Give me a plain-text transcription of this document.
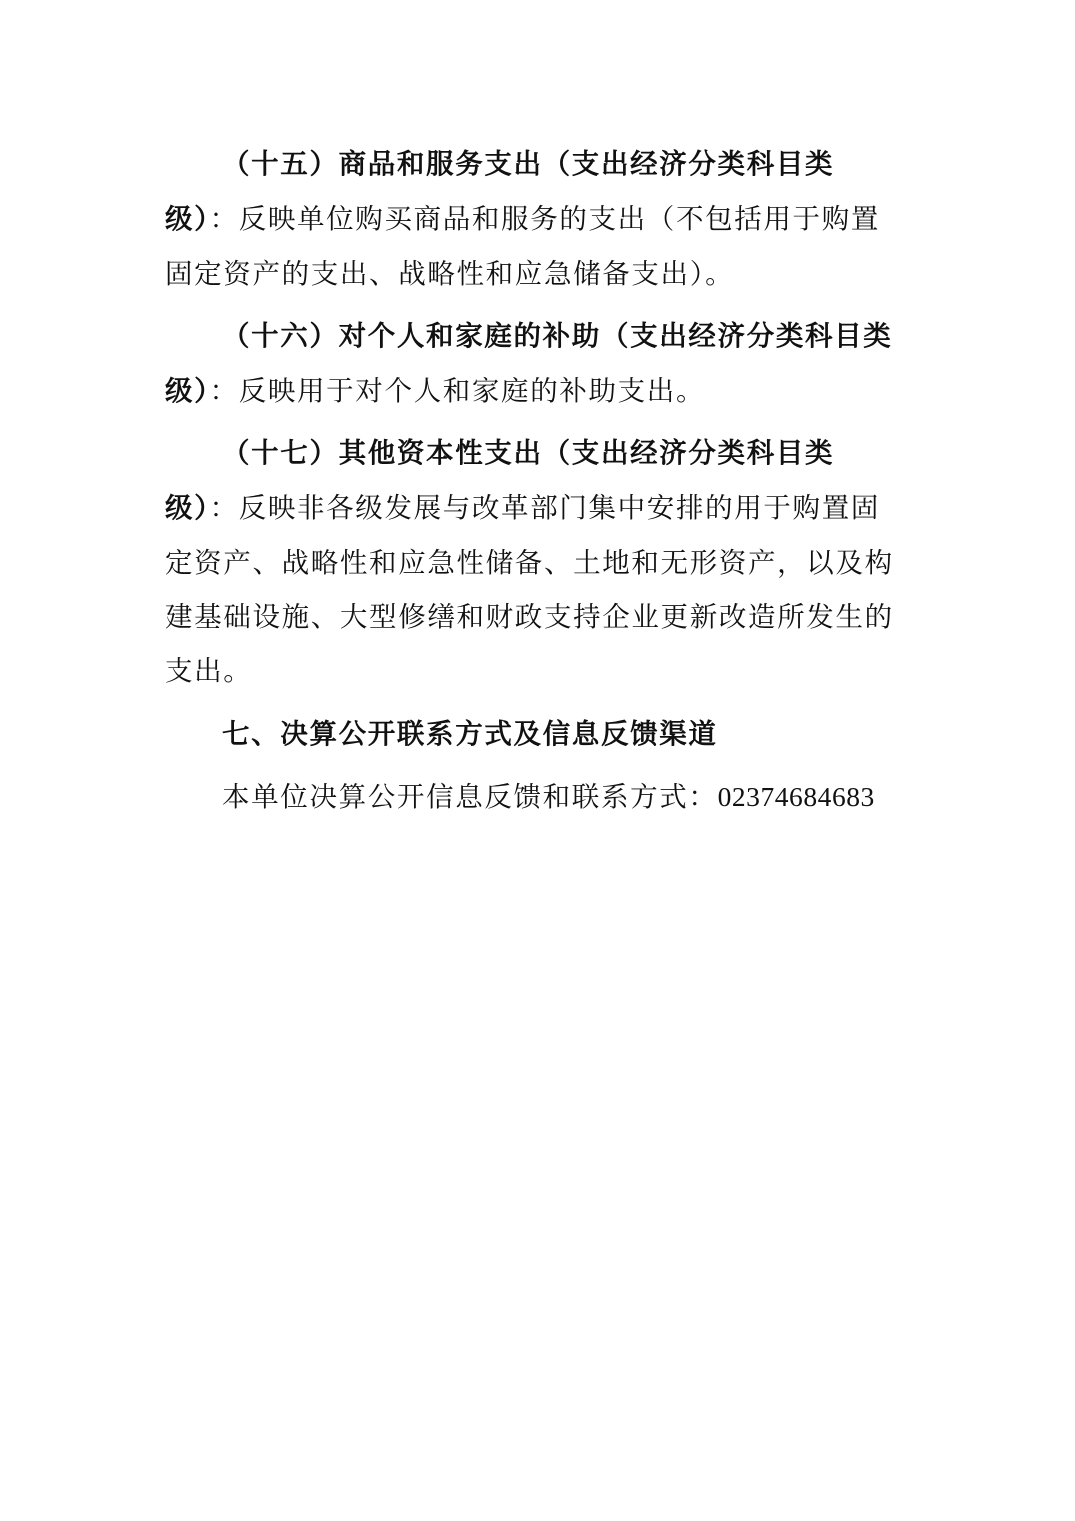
（十五）商品和服务支出（支出经济分类科目类
级）：反映单位购买商品和服务的支出（不包括用于购置
固定资产的支出、战略性和应急储备支出）。
（十六）对个人和家庭的补助（支出经济分类科目类
级）：反映用于对个人和家庭的补助支出。
（十七）其他资本性支出（支出经济分类科目类
级）：反映非各级发展与改革部门集中安排的用于购置固
定资产、战略性和应急性储备、土地和无形资产，以及构
建基础设施、大型修缮和财政支持企业更新改造所发生的
支出。
七、决算公开联系方式及信息反馈渠道
本单位决算公开信息反馈和联系方式：02374684683
